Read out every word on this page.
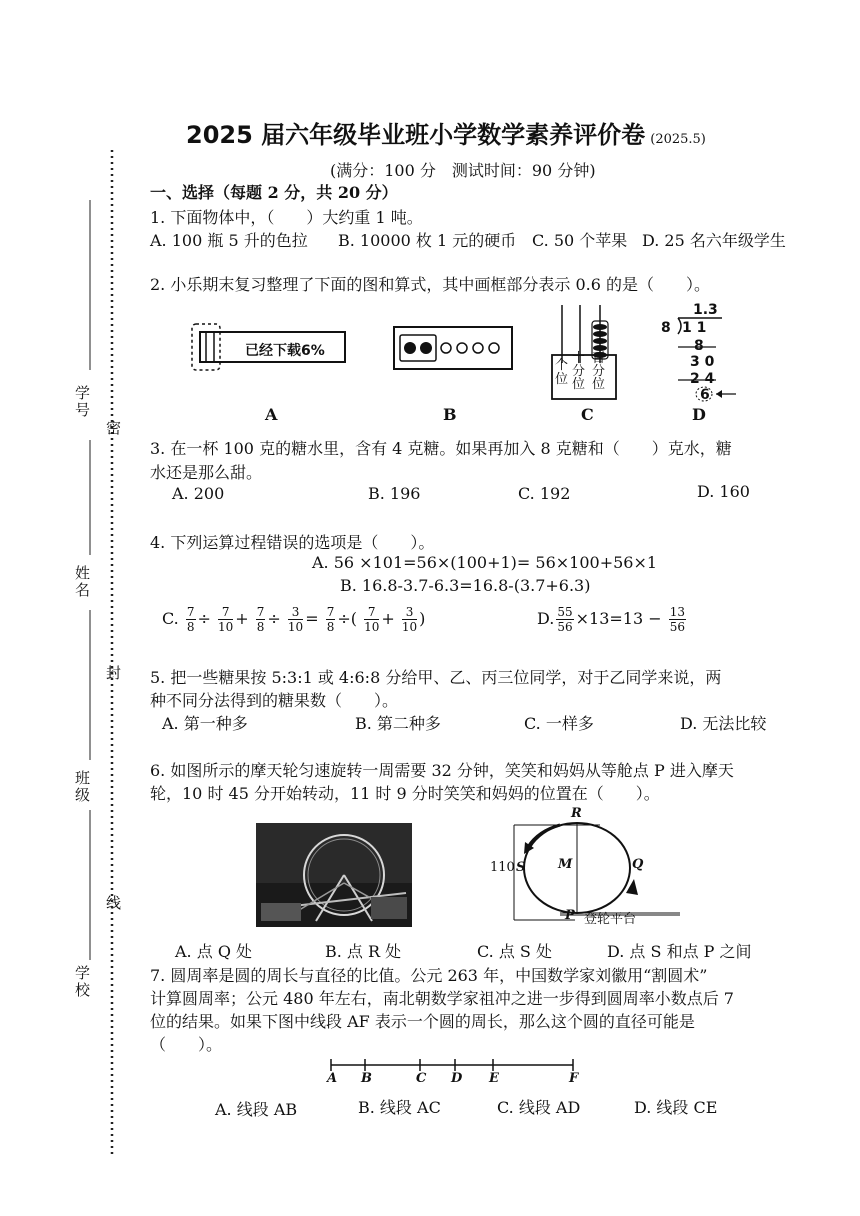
学号
姓名
班级
学校
密
封
线
2025 届六年级毕业班小学数学素养评价卷 (2025.5)
(满分：100 分　测试时间：90 分钟)
一、选择（每题 2 分，共 20 分）
1. 下面物体中，（　　）大约重 1 吨。
A. 100 瓶 5 升的色拉 B. 10000 枚 1 元的硬币 C. 50 个苹果 D. 25 名六年级学生
2. 小乐期末复习整理了下面的图和算式，其中画框部分表示 0.6 的是（　　）。
已经下载6%
A	B
个位
十分位
百分位
C
1.3
8 1 1
8
3 0
2 4
6
D
3. 在一杯 100 克的糖水里，含有 4 克糖。如果再加入 8 克糖和（　　）克水，糖
水还是那么甜。
A. 200	B. 196	C. 192	D. 160
4. 下列运算过程错误的选项是（　　）。
A. 56 ×101=56×(100+1)= 56×100+56×1
B. 16.8-3.7-6.3=16.8-(3.7+6.3)
C. $\frac{7}{8} \div \frac{7}{10} + \frac{7}{8} \div \frac{3}{10} = \frac{7}{8}$ ÷( $\frac{7}{10} + \frac{3}{10}$ )	D. $\frac{55}{56} \times 13=13 - \frac{13}{56}$
5. 把一些糖果按 5:3:1 或 4:6:8 分给甲、乙、丙三位同学，对于乙同学来说，两
种不同分法得到的糖果数（　　）。
A. 第一种多	B. 第二种多	C. 一样多	D. 无法比较
6. 如图所示的摩天轮匀速旋转一周需要 32 分钟，笑笑和妈妈从等舱点 P 进入摩天
轮，10 时 45 分开始转动，11 时 9 分时笑笑和妈妈的位置在（　　）。
R
S	M	Q
P
110
登轮平台
A. 点 Q 处	B. 点 R 处	C. 点 S 处	D. 点 S 和点 P 之间
7. 圆周率是圆的周长与直径的比值。公元 263 年，中国数学家刘徽用“割圆术”
计算圆周率；公元 480 年左右，南北朝数学家祖冲之进一步得到圆周率小数点后 7
位的结果。如果下图中线段 AF 表示一个圆的周长，那么这个圆的直径可能是
（　　）。
A B	C D E	F
A. 线段 AB	B. 线段 AC	C. 线段 AD	D. 线段 CE
